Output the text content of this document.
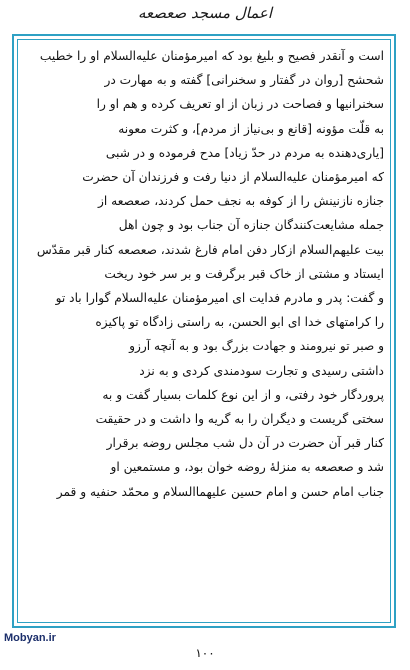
اعمال مسجد صعصعه
است و آنقدر فصیح و بلیغ بود که امیرمؤمنان علیه‌السلام او را خطیب
شحشح [روان در گفتار و سخنرانی] گفته و به مهارت در
سخنرانیها و فصاحت در زبان از او تعریف کرده و هم او را
به قلّت مؤونه [قانع و بی‌نیاز از مردم]، و کثرت معونه
[یاری‌دهنده به مردم در حدّ زیاد] مدح فرموده و در شبی
که امیرمؤمنان علیه‌السلام از دنیا رفت و فرزندان آن حضرت
جنازه نازنینش را از کوفه به نجف حمل کردند، صعصعه از
جمله مشایعت‌کنندگان جنازه آن جناب بود و چون اهل
بیت علیهم‌السلام ازکار دفن امام فارغ شدند، صعصعه کنار قبر مقدّس
ایستاد و مشتی از خاک قبر برگرفت و بر سر خود ریخت
و گفت: پدر و مادرم فدایت ای امیرمؤمنان علیه‌السلام گوارا باد تو
را کرامتهای خدا ای ابو الحسن، به راستی زادگاه تو پاکیزه
و صبر تو نیرومند و جهادت بزرگ بود و به آنچه آرزو
داشتی رسیدی و تجارت سودمندی کردی و به نزد
پروردگار خود رفتی، و از این نوع کلمات بسیار گفت و به
سختی گریست و دیگران را به گریه وا داشت و در حقیقت
کنار قبر آن حضرت در آن دل شب مجلس روضه برقرار
شد و صعصعه به منزلۀ روضه خوان بود، و مستمعین او
جناب امام حسن و امام حسین علیهماالسلام و محمّد حنفیه و قمر
Mobyan.ir
۱۰۰
